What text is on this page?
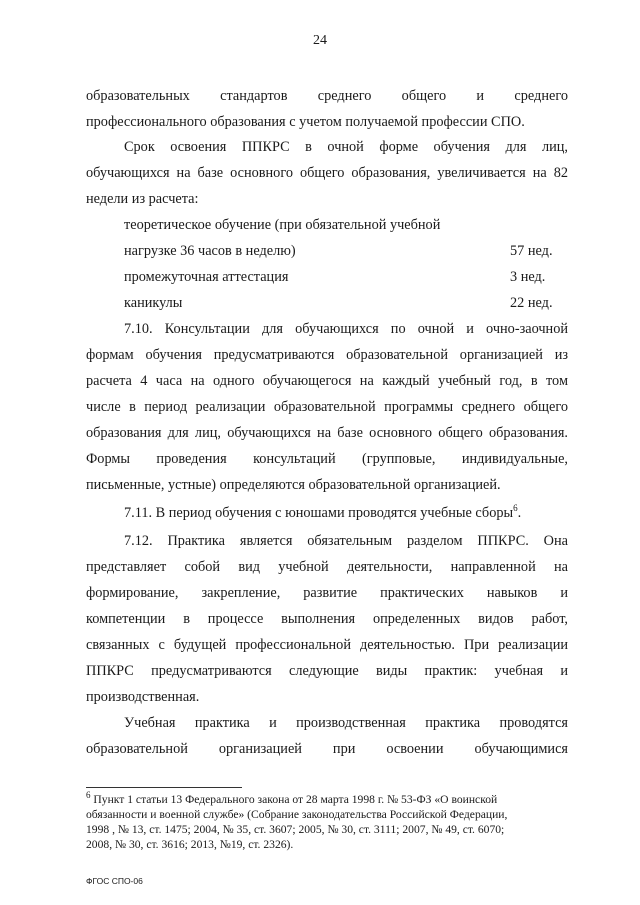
24
образовательных стандартов среднего общего и среднего
профессионального образования с учетом получаемой профессии СПО.
Срок освоения ППКРС в очной форме обучения для лиц,
обучающихся на базе основного общего образования, увеличивается на 82
недели из расчета:
теоретическое обучение (при обязательной учебной
нагрузке 36 часов в неделю)	57 нед.
промежуточная аттестация	3 нед.
каникулы	22 нед.
7.10. Консультации для обучающихся по очной и очно-заочной
формам обучения предусматриваются образовательной организацией из
расчета 4 часа на одного обучающегося на каждый учебный год, в том
числе в период реализации образовательной программы среднего общего
образования для лиц, обучающихся на базе основного общего образования.
Формы проведения консультаций (групповые, индивидуальные,
письменные, устные) определяются образовательной организацией.
7.11. В период обучения с юношами проводятся учебные сборы$^6$.
7.12. Практика является обязательным разделом ППКРС. Она
представляет собой вид учебной деятельности, направленной на
формирование, закрепление, развитие практических навыков и
компетенции в процессе выполнения определенных видов работ,
связанных с будущей профессиональной деятельностью. При реализации
ППКРС предусматриваются следующие виды практик: учебная и
производственная.
Учебная практика и производственная практика проводятся
образовательной организацией при освоении обучающимися
$^6$ Пункт 1 статьи 13 Федерального закона от 28 марта 1998 г. № 53-ФЗ «О воинской
обязанности и военной службе» (Собрание законодательства Российской Федерации,
1998 , № 13, ст. 1475; 2004, № 35, ст. 3607; 2005, № 30, ст. 3111; 2007, № 49, ст. 6070;
2008, № 30, ст. 3616; 2013, №19, ст. 2326).
ФГОС СПО-06
